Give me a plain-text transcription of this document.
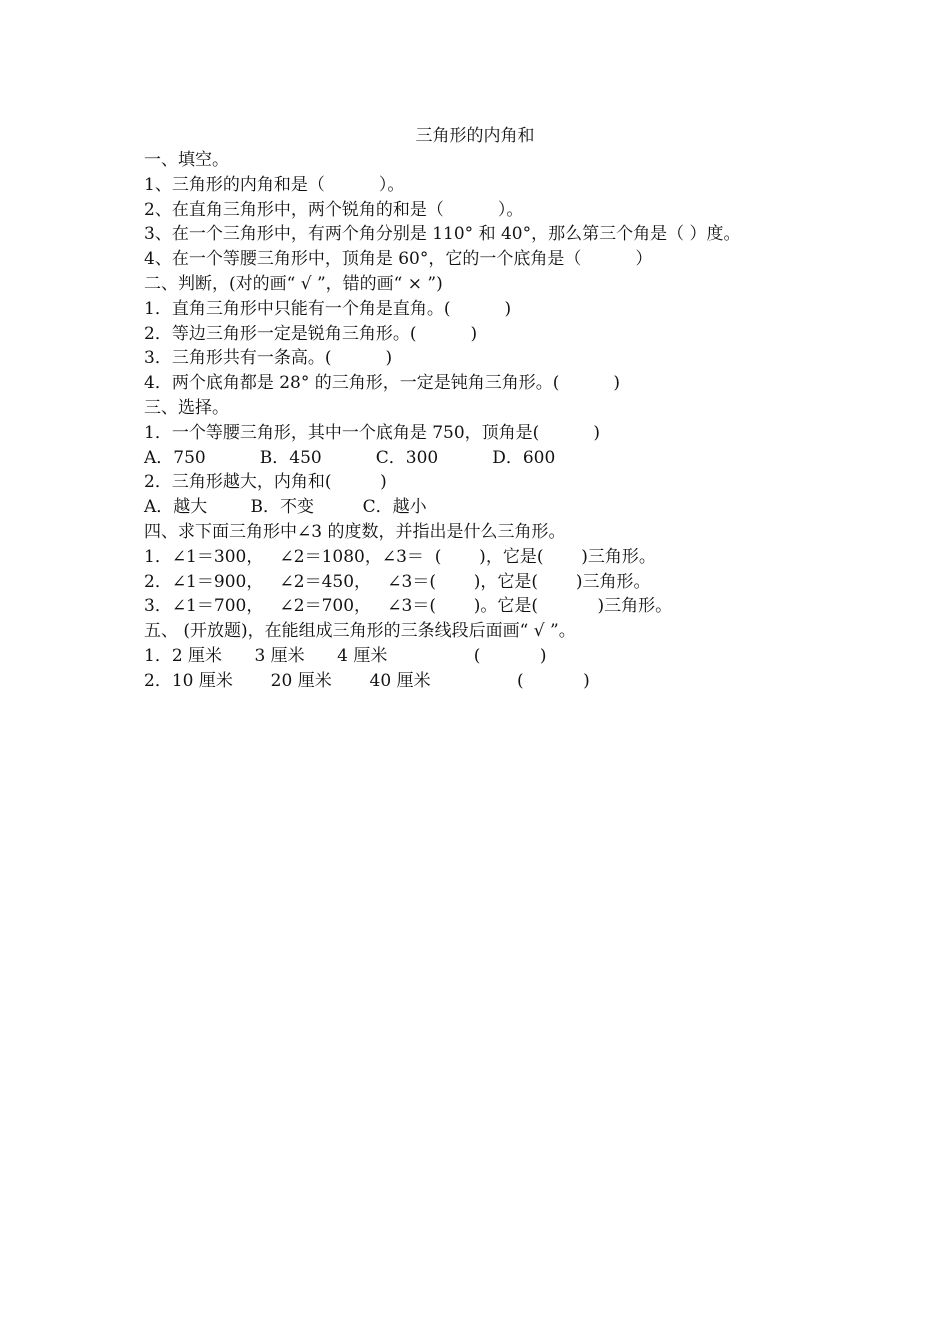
三角形的内角和
一、填空。
1、三角形的内角和是（          ）。
2、在直角三角形中，两个锐角的和是（          ）。
3、在一个三角形中，有两个角分别是 110° 和 40°，那么第三个角是（ ）度。
4、在一个等腰三角形中，顶角是 60°，它的一个底角是（          ）
二、判断，(对的画“ √ ”，错的画“ × ”)
1．直角三角形中只能有一个角是直角。(          )
2．等边三角形一定是锐角三角形。(          )
3．三角形共有一条高。(          )
4．两个底角都是 28° 的三角形，一定是钝角三角形。(          )
三、选择。
1．一个等腰三角形，其中一个底角是 750，顶角是(          )
A．750          B．450          C．300          D．600
2．三角形越大，内角和(         )
A．越大        B．不变         C．越小
四、求下面三角形中∠3 的度数，并指出是什么三角形。
1．∠1＝300，   ∠2＝1080，∠3＝  (       )，它是(       )三角形。
2．∠1＝900，   ∠2＝450，   ∠3＝(       )，它是(       )三角形。
3．∠1＝700，   ∠2＝700，   ∠3＝(       )。它是(           )三角形。
五、 (开放题)，在能组成三角形的三条线段后面画“ √ ”。
1．2 厘米      3 厘米      4 厘米                (           )
2．10 厘米       20 厘米       40 厘米                (           )
